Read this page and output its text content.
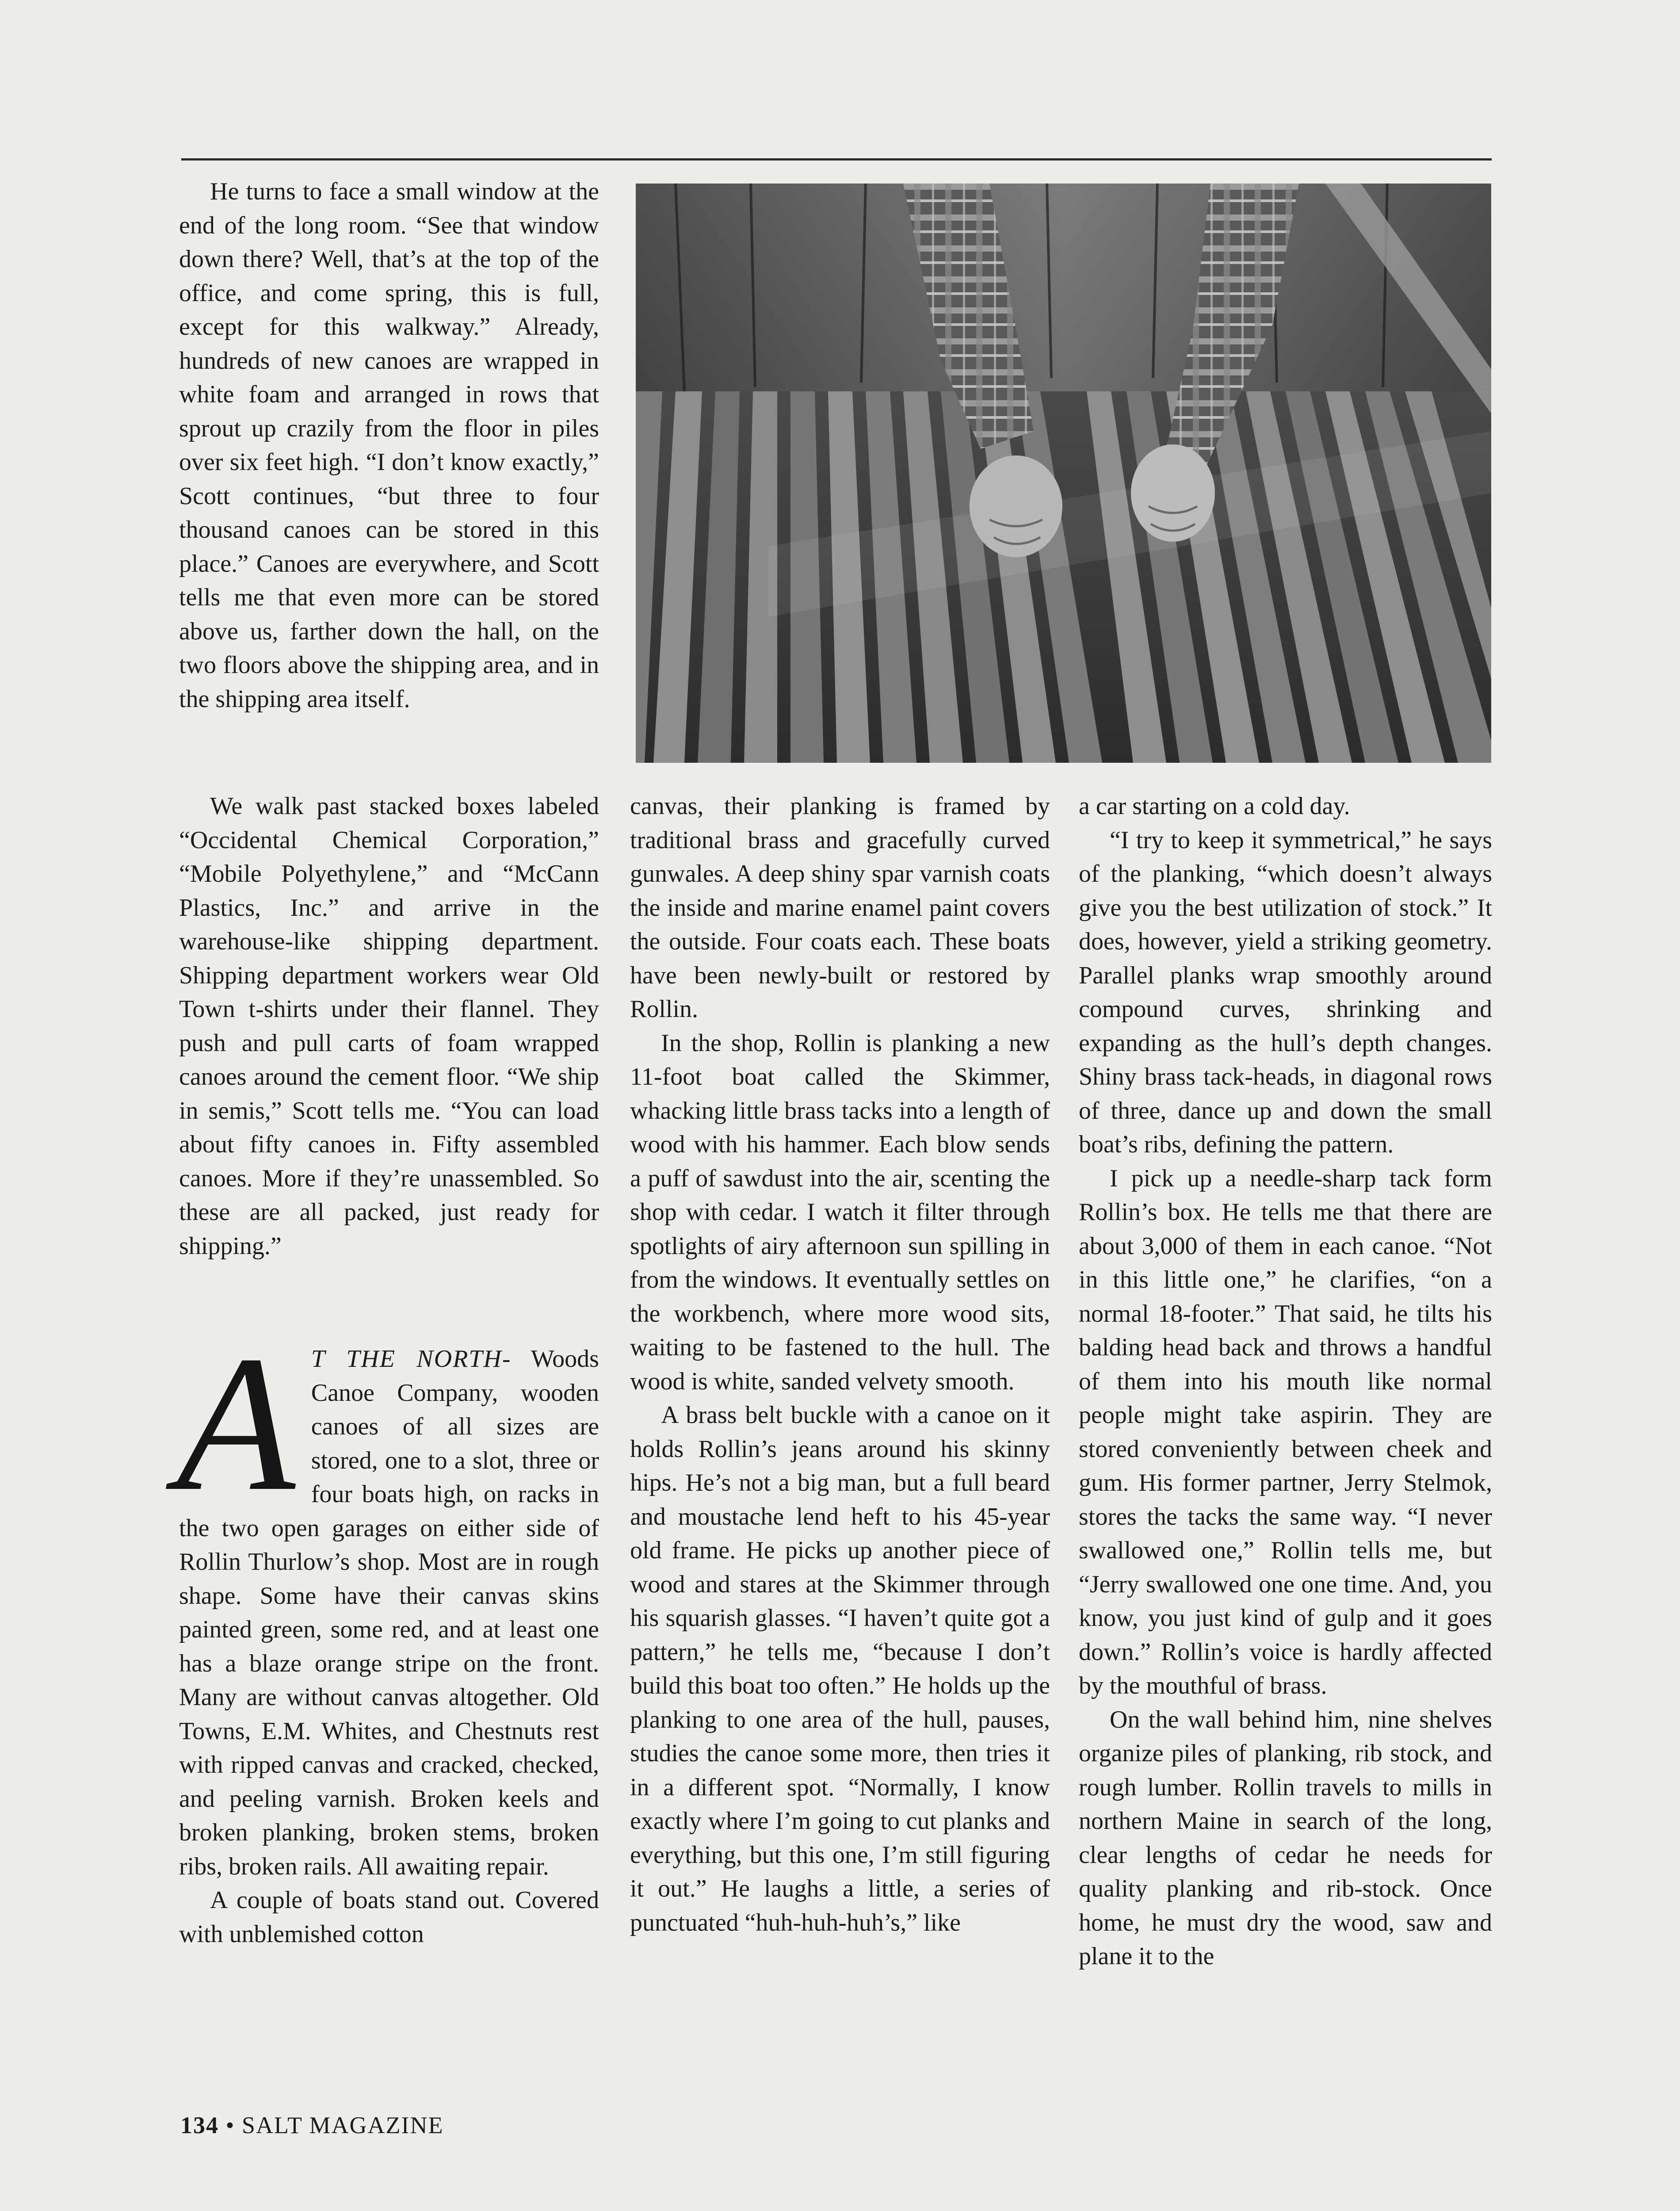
He turns to face a small window at the end of the long room. “See that window down there? Well, that’s at the top of the office, and come spring, this is full, except for this walkway.” Already, hundreds of new canoes are wrapped in white foam and arranged in rows that sprout up crazily from the floor in piles over six feet high. “I don’t know exactly,” Scott continues, “but three to four thousand canoes can be stored in this place.” Canoes are everywhere, and Scott tells me that even more can be stored above us, farther down the hall, on the two floors above the shipping area, and in the shipping area itself.

We walk past stacked boxes labeled “Occidental Chemical Corporation,” “Mobile Polyethylene,” and “McCann Plastics, Inc.” and arrive in the warehouse-like shipping department. Shipping department workers wear Old Town t-shirts under their flannel. They push and pull carts of foam wrapped canoes around the cement floor. “We ship in semis,” Scott tells me. “You can load about fifty canoes in. Fifty assembled canoes. More if they’re unassembled. So these are all packed, just ready for shipping.”

A T THE NORTH- Woods Canoe Company, wooden canoes of all sizes are stored, one to a slot, three or four boats high, on racks in the two open garages on either side of Rollin Thurlow’s shop. Most are in rough shape. Some have their canvas skins painted green, some red, and at least one has a blaze orange stripe on the front. Many are without canvas altogether. Old Towns, E.M. Whites, and Chestnuts rest with ripped canvas and cracked, checked, and peeling varnish. Broken keels and broken planking, broken stems, broken ribs, broken rails. All awaiting repair.

A couple of boats stand out. Covered with unblemished cotton

canvas, their planking is framed by traditional brass and gracefully curved gunwales. A deep shiny spar varnish coats the inside and marine enamel paint covers the outside. Four coats each. These boats have been newly-built or restored by Rollin.

In the shop, Rollin is planking a new 11-foot boat called the Skimmer, whacking little brass tacks into a length of wood with his hammer. Each blow sends a puff of sawdust into the air, scenting the shop with cedar. I watch it filter through spotlights of airy afternoon sun spilling in from the windows. It eventually settles on the workbench, where more wood sits, waiting to be fastened to the hull. The wood is white, sanded velvety smooth.

A brass belt buckle with a canoe on it holds Rollin’s jeans around his skinny hips. He’s not a big man, but a full beard and moustache lend heft to his 45-year old frame. He picks up another piece of wood and stares at the Skimmer through his squarish glasses. “I haven’t quite got a pattern,” he tells me, “because I don’t build this boat too often.” He holds up the planking to one area of the hull, pauses, studies the canoe some more, then tries it in a different spot. “Normally, I know exactly where I’m going to cut planks and everything, but this one, I’m still figuring it out.” He laughs a little, a series of punctuated “huh-huh-huh’s,” like

a car starting on a cold day.

“I try to keep it symmetrical,” he says of the planking, “which doesn’t always give you the best utilization of stock.” It does, however, yield a striking geometry. Parallel planks wrap smoothly around compound curves, shrinking and expanding as the hull’s depth changes. Shiny brass tack-heads, in diagonal rows of three, dance up and down the small boat’s ribs, defining the pattern.

I pick up a needle-sharp tack form Rollin’s box. He tells me that there are about 3,000 of them in each canoe. “Not in this little one,” he clarifies, “on a normal 18-footer.” That said, he tilts his balding head back and throws a handful of them into his mouth like normal people might take aspirin. They are stored conveniently between cheek and gum. His former partner, Jerry Stelmok, stores the tacks the same way. “I never swallowed one,” Rollin tells me, but “Jerry swallowed one one time. And, you know, you just kind of gulp and it goes down.” Rollin’s voice is hardly affected by the mouthful of brass.

On the wall behind him, nine shelves organize piles of planking, rib stock, and rough lumber. Rollin travels to mills in northern Maine in search of the long, clear lengths of cedar he needs for quality planking and rib-stock. Once home, he must dry the wood, saw and plane it to the

134 • SALT MAGAZINE
